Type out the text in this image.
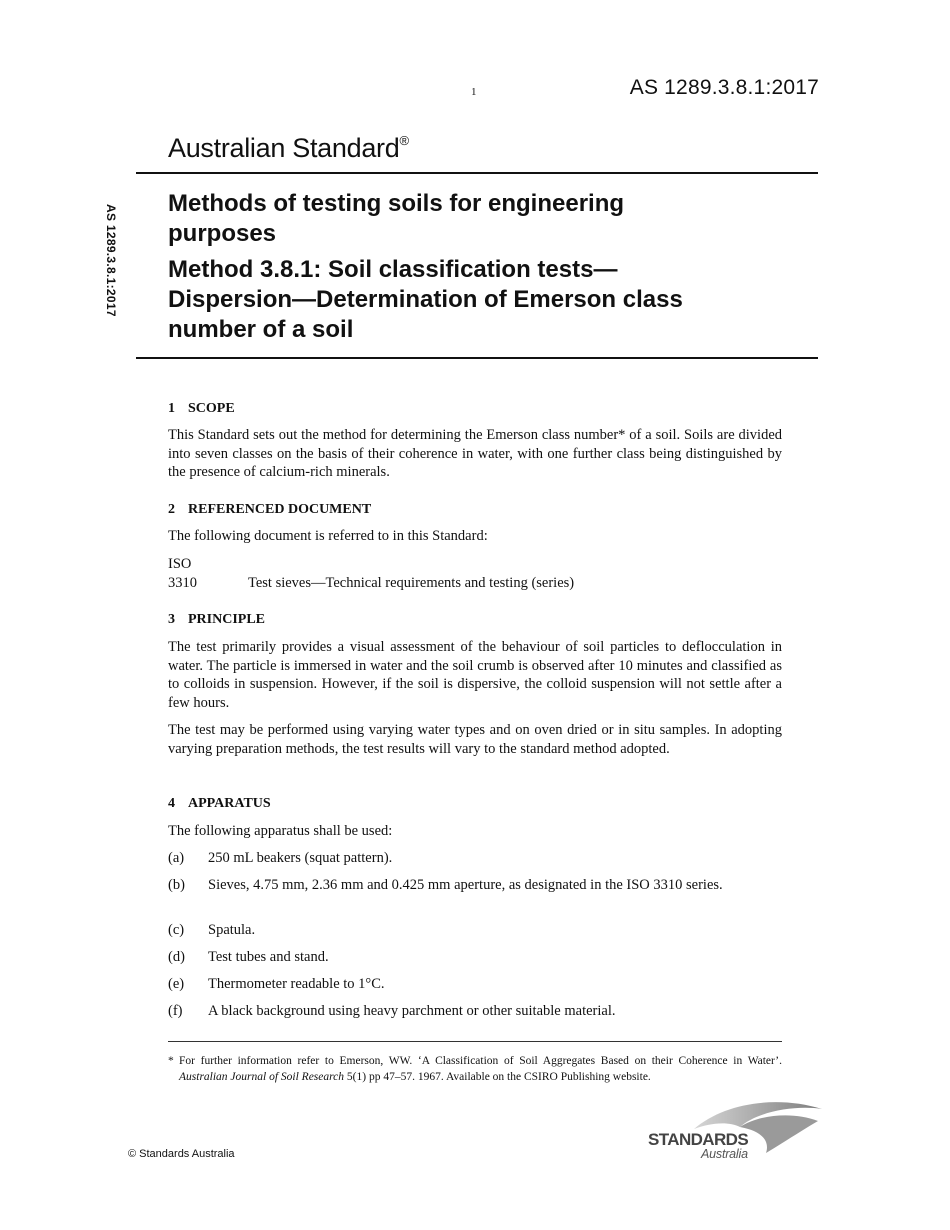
1	AS 1289.3.8.1:2017
Australian Standard®
AS 1289.3.8.1:2017
Methods of testing soils for engineering
purposes
Method 3.8.1: Soil classification tests—
Dispersion—Determination of Emerson class
number of a soil
1 SCOPE

This Standard sets out the method for determining the Emerson class number* of a soil. Soils are divided into seven classes on the basis of their coherence in water, with one further class being distinguished by the presence of calcium-rich minerals.

2 REFERENCED DOCUMENT

The following document is referred to in this Standard:

ISO
3310	Test sieves—Technical requirements and testing (series)
3 PRINCIPLE

The test primarily provides a visual assessment of the behaviour of soil particles to deflocculation in water. The particle is immersed in water and the soil crumb is observed after 10 minutes and classified as to colloids in suspension. However, if the soil is dispersive, the colloid suspension will not settle after a few hours.

The test may be performed using varying water types and on oven dried or in situ samples. In adopting varying preparation methods, the test results will vary to the standard method adopted.

4 APPARATUS

The following apparatus shall be used:

(a) 250 mL beakers (squat pattern).
(b) Sieves, 4.75 mm, 2.36 mm and 0.425 mm aperture, as designated in the ISO 3310 series.
(c) Spatula.
(d) Test tubes and stand.
(e) Thermometer readable to 1°C.
(f) A black background using heavy parchment or other suitable material.
* For further information refer to Emerson, WW. ‘A Classification of Soil Aggregates Based on their Coherence in Water’. Australian Journal of Soil Research 5(1) pp 47–57. 1967. Available on the CSIRO Publishing website.
© Standards Australia
STANDARDS
Australia
